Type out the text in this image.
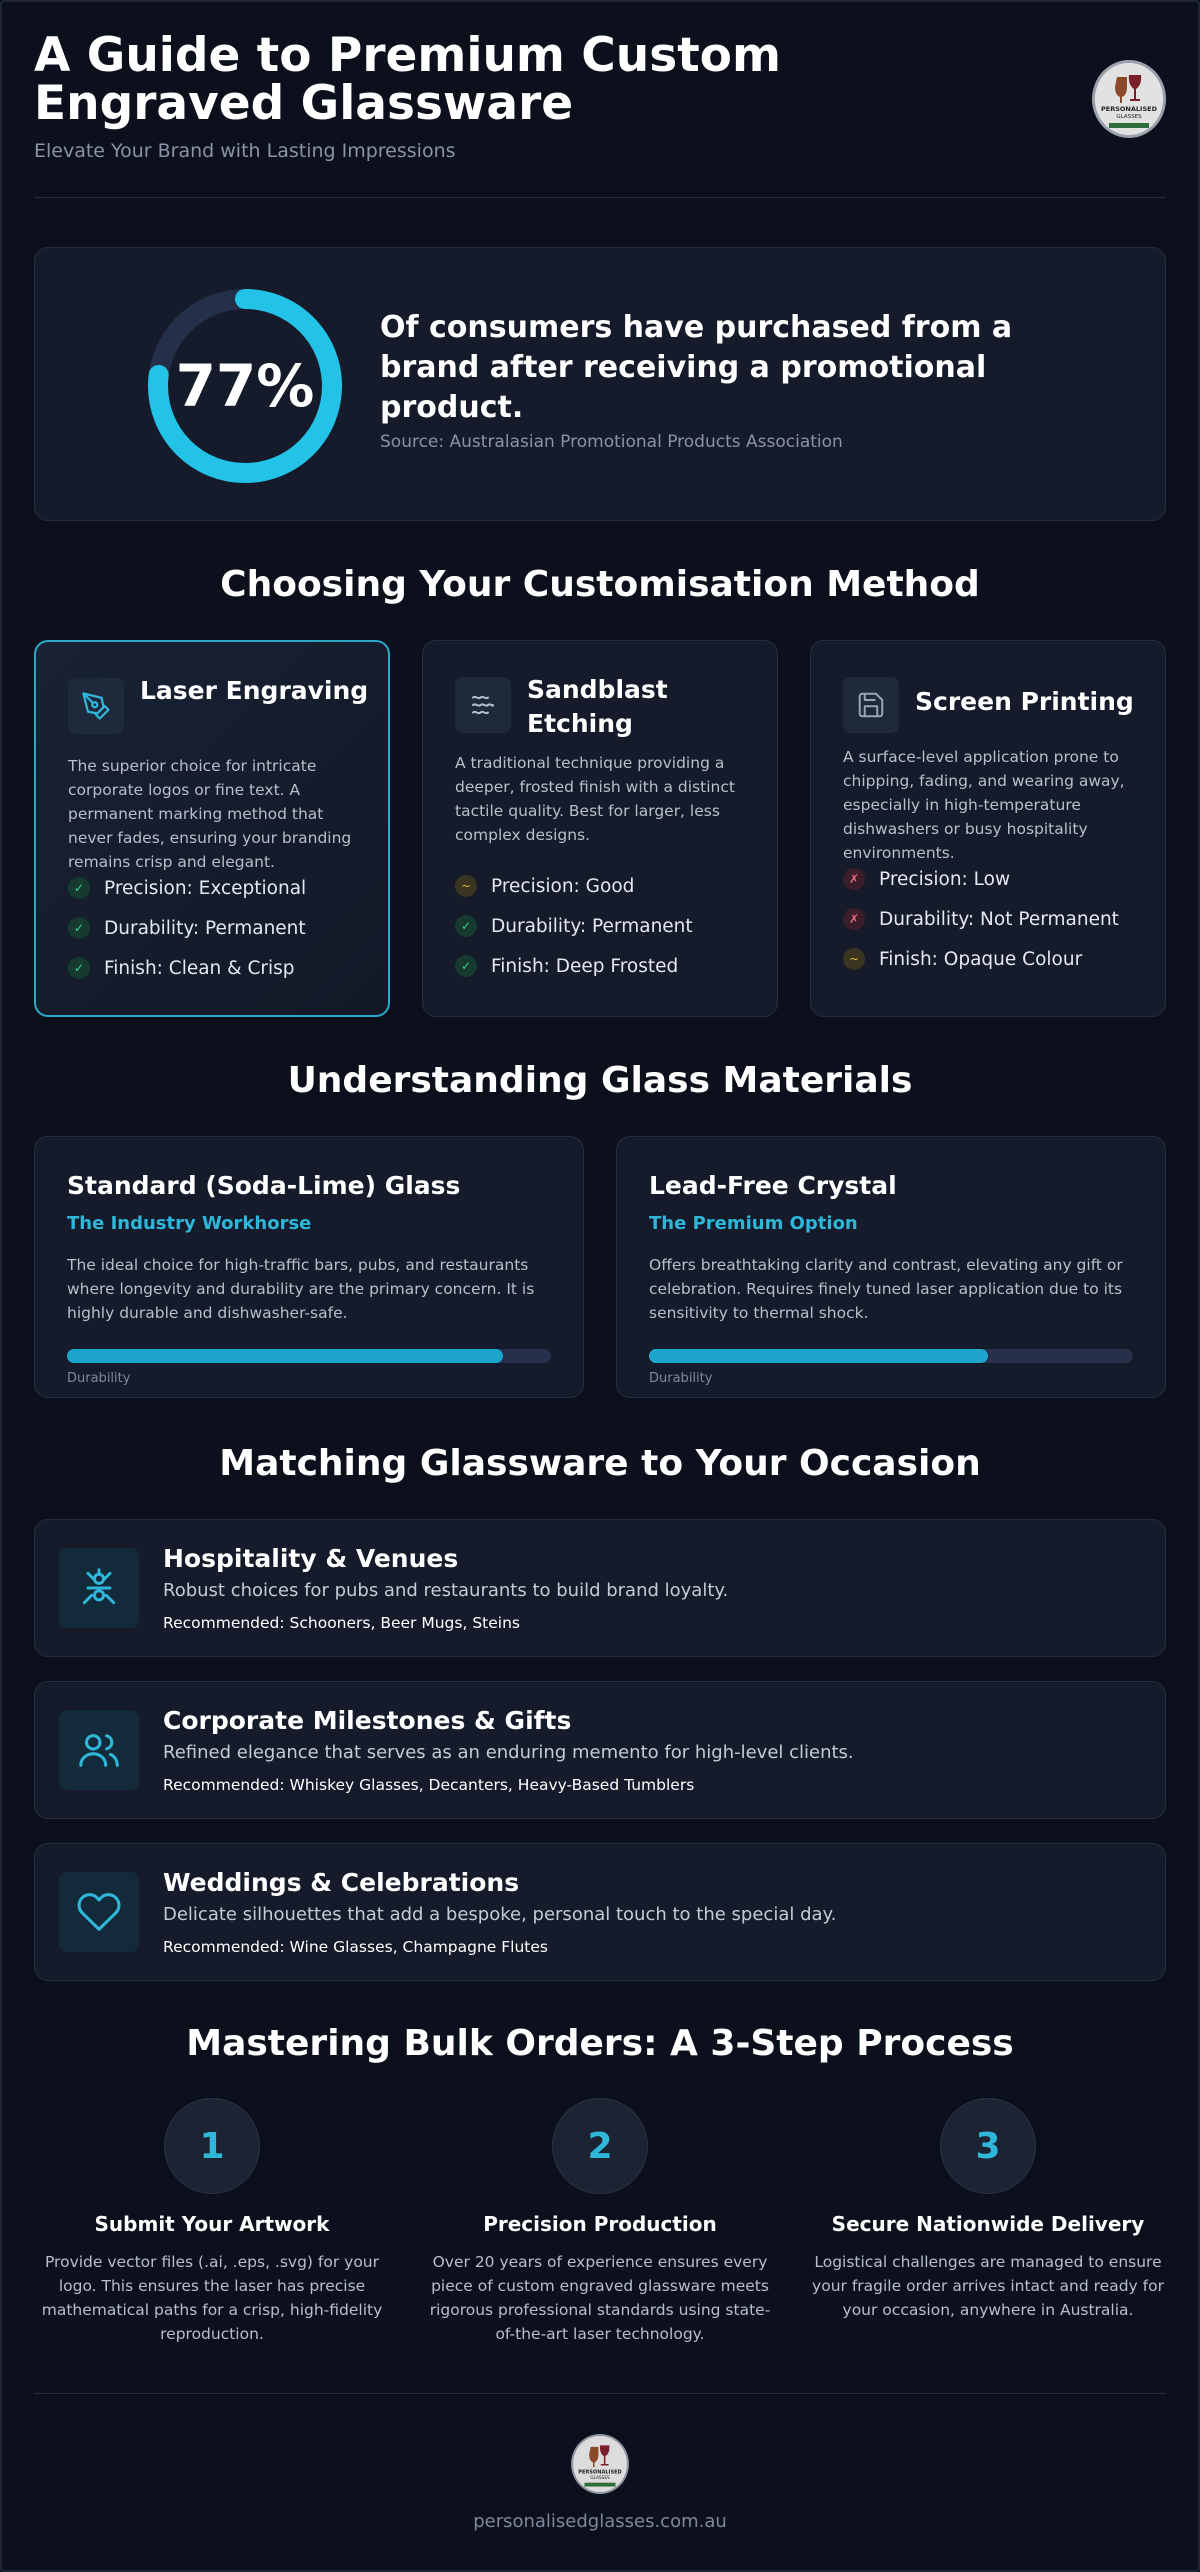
A Guide to Premium Custom Engraved Glassware
Elevate Your Brand with Lasting Impressions
PERSONALISED
GLASSES
77%
Of consumers have purchased from a brand after receiving a promotional product.
Source: Australasian Promotional Products Association
Choosing Your Customisation Method
Laser Engraving
The superior choice for intricate corporate logos or fine text. A permanent marking method that never fades, ensuring your branding remains crisp and elegant.
✓	Precision: Exceptional
✓	Durability: Permanent
✓	Finish: Clean & Crisp
Sandblast Etching
A traditional technique providing a deeper, frosted finish with a distinct tactile quality. Best for larger, less complex designs.
~	Precision: Good
✓	Durability: Permanent
✓	Finish: Deep Frosted
Screen Printing
A surface-level application prone to chipping, fading, and wearing away, especially in high-temperature dishwashers or busy hospitality environments.
✗	Precision: Low
✗	Durability: Not Permanent
~	Finish: Opaque Colour
Understanding Glass Materials
Standard (Soda-Lime) Glass
The Industry Workhorse
The ideal choice for high-traffic bars, pubs, and restaurants where longevity and durability are the primary concern. It is highly durable and dishwasher-safe.
Durability
Lead-Free Crystal
The Premium Option
Offers breathtaking clarity and contrast, elevating any gift or celebration. Requires finely tuned laser application due to its sensitivity to thermal shock.
Durability
Matching Glassware to Your Occasion
Hospitality & Venues
Robust choices for pubs and restaurants to build brand loyalty.
Recommended: Schooners, Beer Mugs, Steins
Corporate Milestones & Gifts
Refined elegance that serves as an enduring memento for high-level clients.
Recommended: Whiskey Glasses, Decanters, Heavy-Based Tumblers
Weddings & Celebrations
Delicate silhouettes that add a bespoke, personal touch to the special day.
Recommended: Wine Glasses, Champagne Flutes
Mastering Bulk Orders: A 3-Step Process
1
Submit Your Artwork
Provide vector files (.ai, .eps, .svg) for your logo. This ensures the laser has precise mathematical paths for a crisp, high-fidelity reproduction.
2
Precision Production
Over 20 years of experience ensures every piece of custom engraved glassware meets rigorous professional standards using state-of-the-art laser technology.
3
Secure Nationwide Delivery
Logistical challenges are managed to ensure your fragile order arrives intact and ready for your occasion, anywhere in Australia.
PERSONALISED
GLASSES
personalisedglasses.com.au
